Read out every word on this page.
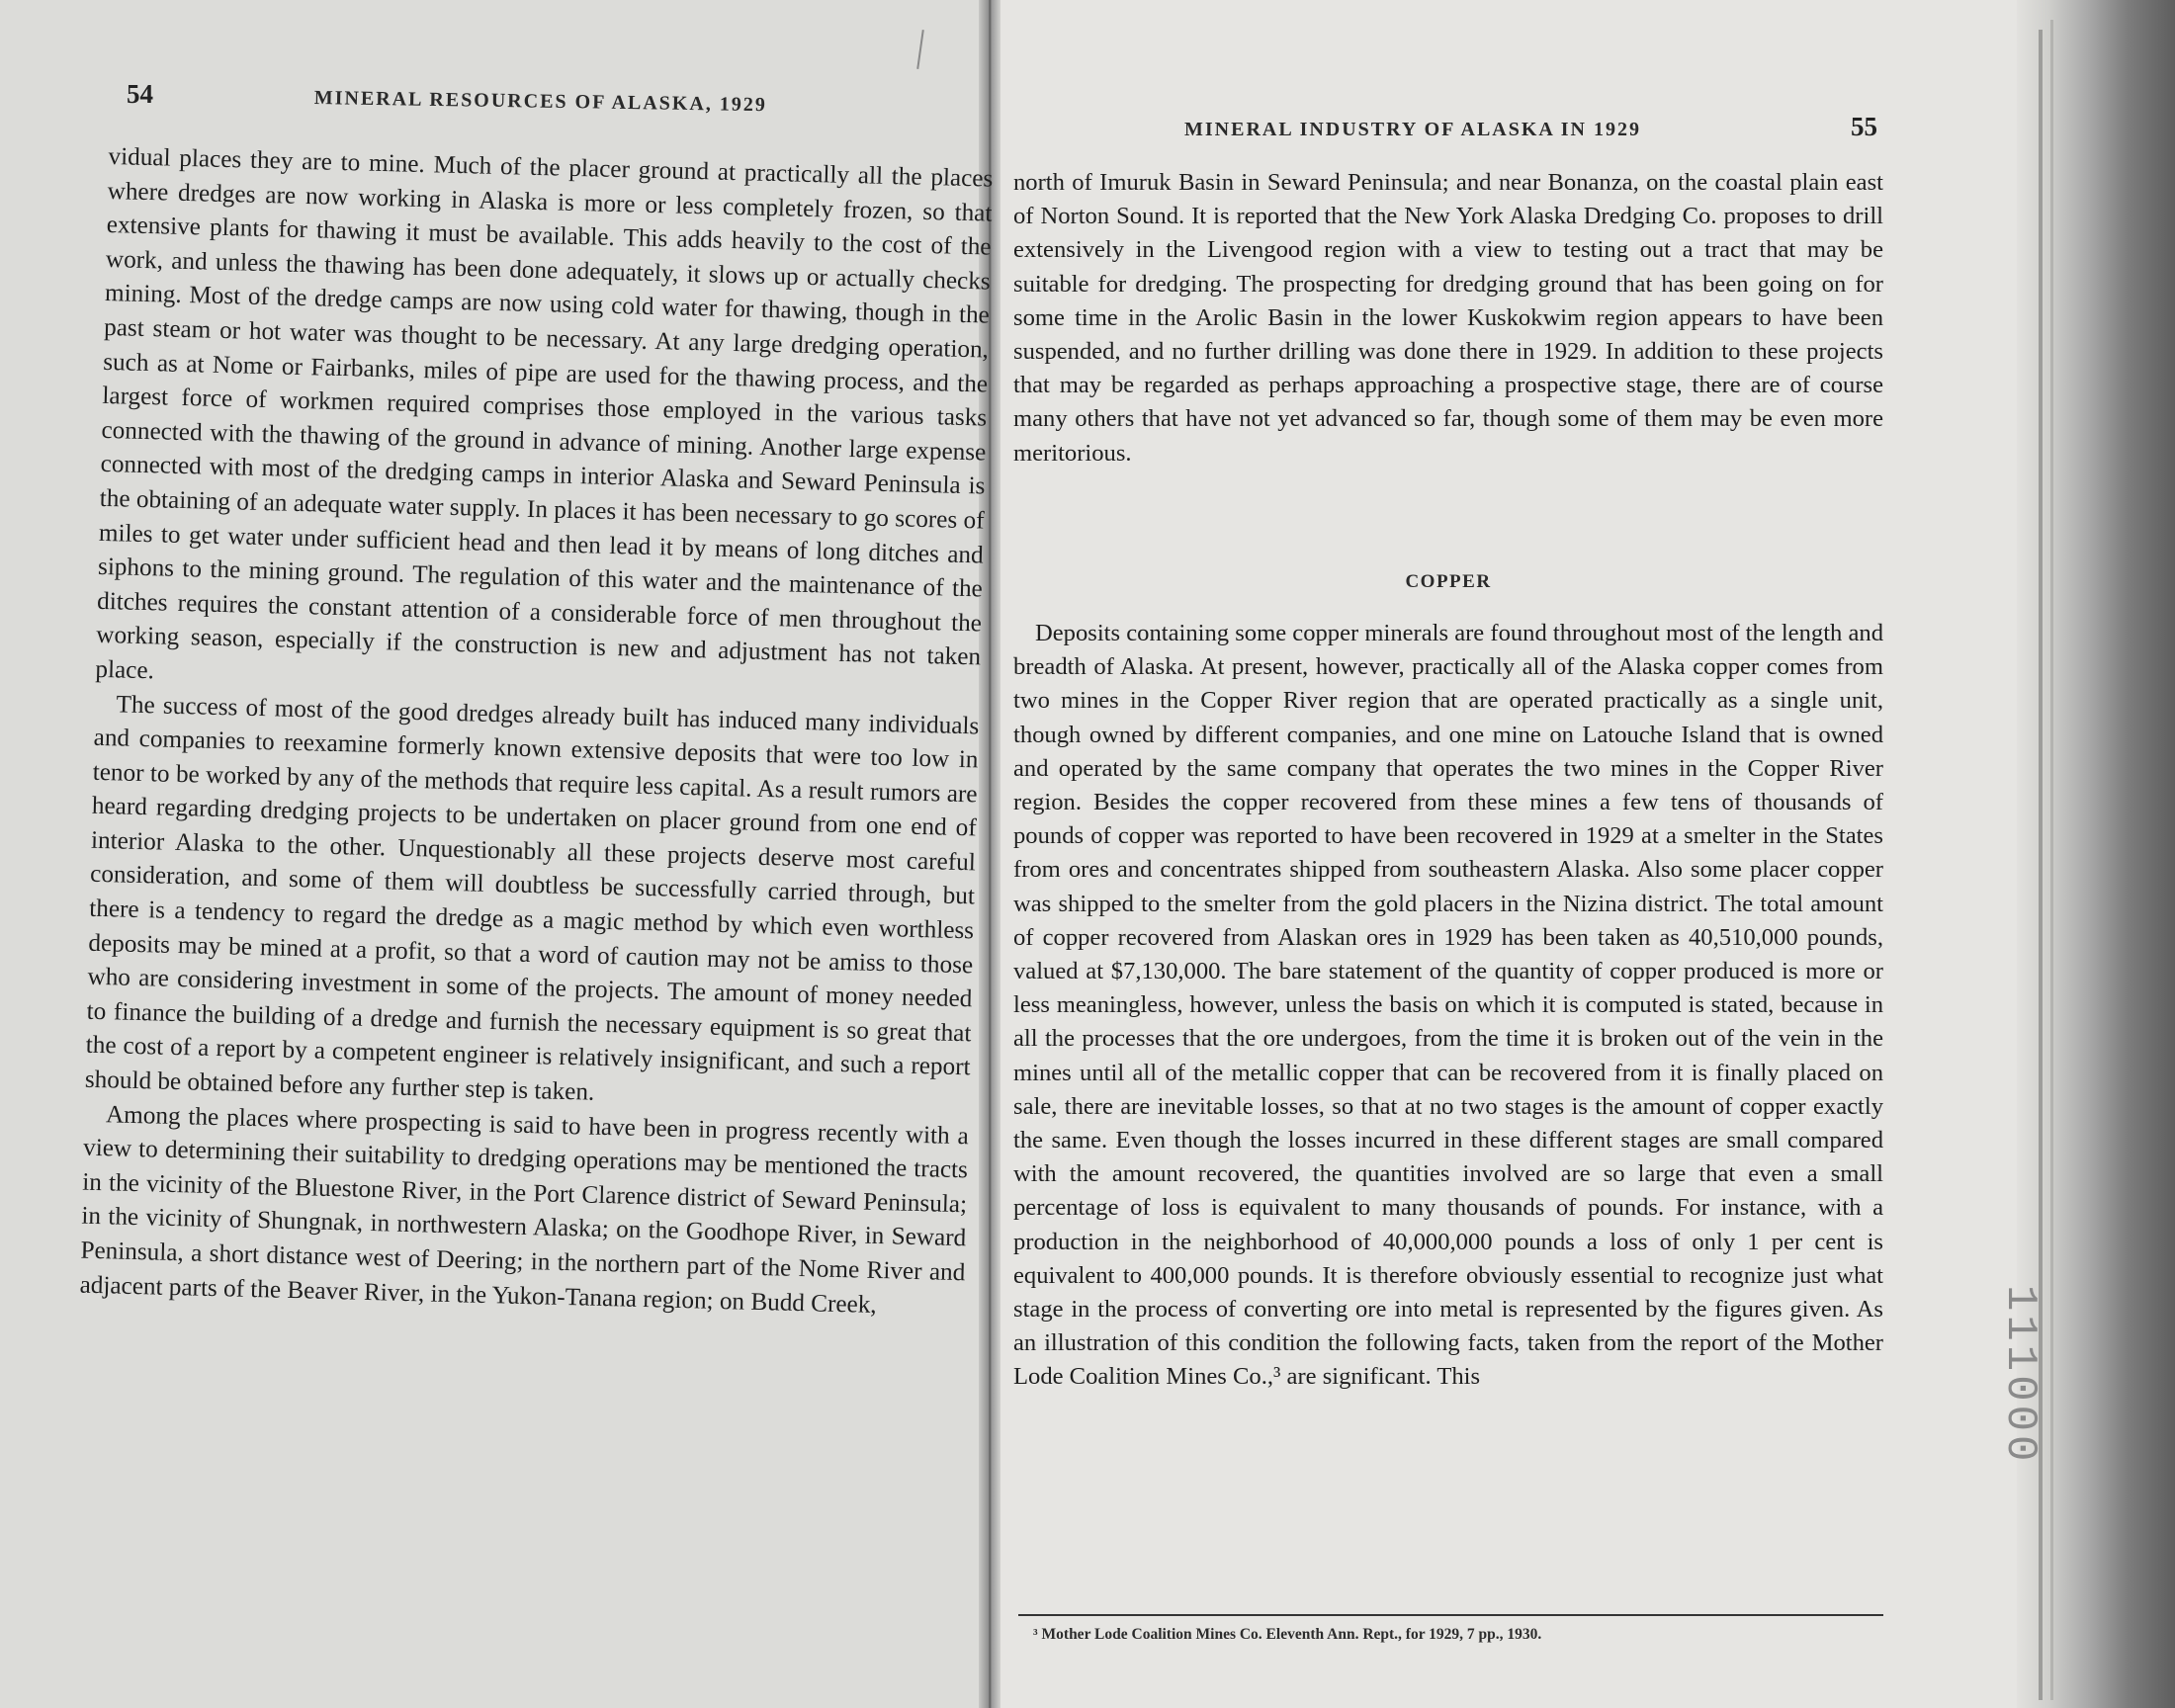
111000
54	MINERAL RESOURCES OF ALASKA, 1929

vidual places they are to mine. Much of the placer ground at practically all the places where dredges are now working in Alaska is more or less completely frozen, so that extensive plants for thawing it must be available. This adds heavily to the cost of the work, and unless the thawing has been done adequately, it slows up or actually checks mining. Most of the dredge camps are now using cold water for thawing, though in the past steam or hot water was thought to be necessary. At any large dredging operation, such as at Nome or Fairbanks, miles of pipe are used for the thawing process, and the largest force of workmen required comprises those employed in the various tasks connected with the thawing of the ground in advance of mining. Another large expense connected with most of the dredging camps in interior Alaska and Seward Peninsula is the obtaining of an adequate water supply. In places it has been necessary to go scores of miles to get water under sufficient head and then lead it by means of long ditches and siphons to the mining ground. The regulation of this water and the maintenance of the ditches requires the constant attention of a considerable force of men throughout the working season, especially if the construction is new and adjustment has not taken place.

The success of most of the good dredges already built has induced many individuals and companies to reexamine formerly known extensive deposits that were too low in tenor to be worked by any of the methods that require less capital. As a result rumors are heard regarding dredging projects to be undertaken on placer ground from one end of interior Alaska to the other. Unquestionably all these projects deserve most careful consideration, and some of them will doubtless be successfully carried through, but there is a tendency to regard the dredge as a magic method by which even worthless deposits may be mined at a profit, so that a word of caution may not be amiss to those who are considering investment in some of the projects. The amount of money needed to finance the building of a dredge and furnish the necessary equipment is so great that the cost of a report by a competent engineer is relatively insignificant, and such a report should be obtained before any further step is taken.

Among the places where prospecting is said to have been in progress recently with a view to determining their suitability to dredging operations may be mentioned the tracts in the vicinity of the Bluestone River, in the Port Clarence district of Seward Peninsula; in the vicinity of Shungnak, in northwestern Alaska; on the Goodhope River, in Seward Peninsula, a short distance west of Deering; in the northern part of the Nome River and adjacent parts of the Beaver River, in the Yukon-Tanana region; on Budd Creek,

MINERAL INDUSTRY OF ALASKA IN 1929	55

north of Imuruk Basin in Seward Peninsula; and near Bonanza, on the coastal plain east of Norton Sound. It is reported that the New York Alaska Dredging Co. proposes to drill extensively in the Livengood region with a view to testing out a tract that may be suitable for dredging. The prospecting for dredging ground that has been going on for some time in the Arolic Basin in the lower Kuskokwim region appears to have been suspended, and no further drilling was done there in 1929. In addition to these projects that may be regarded as perhaps approaching a prospective stage, there are of course many others that have not yet advanced so far, though some of them may be even more meritorious.

COPPER

Deposits containing some copper minerals are found throughout most of the length and breadth of Alaska. At present, however, practically all of the Alaska copper comes from two mines in the Copper River region that are operated practically as a single unit, though owned by different companies, and one mine on Latouche Island that is owned and operated by the same company that operates the two mines in the Copper River region. Besides the copper recovered from these mines a few tens of thousands of pounds of copper was reported to have been recovered in 1929 at a smelter in the States from ores and concentrates shipped from southeastern Alaska. Also some placer copper was shipped to the smelter from the gold placers in the Nizina district. The total amount of copper recovered from Alaskan ores in 1929 has been taken as 40,510,000 pounds, valued at $7,130,000. The bare statement of the quantity of copper produced is more or less meaningless, however, unless the basis on which it is computed is stated, because in all the processes that the ore undergoes, from the time it is broken out of the vein in the mines until all of the metallic copper that can be recovered from it is finally placed on sale, there are inevitable losses, so that at no two stages is the amount of copper exactly the same. Even though the losses incurred in these different stages are small compared with the amount recovered, the quantities involved are so large that even a small percentage of loss is equivalent to many thousands of pounds. For instance, with a production in the neighborhood of 40,000,000 pounds a loss of only 1 per cent is equivalent to 400,000 pounds. It is therefore obviously essential to recognize just what stage in the process of converting ore into metal is represented by the figures given. As an illustration of this condition the following facts, taken from the report of the Mother Lode Coalition Mines Co.,³ are significant. This

³ Mother Lode Coalition Mines Co. Eleventh Ann. Rept., for 1929, 7 pp., 1930.
